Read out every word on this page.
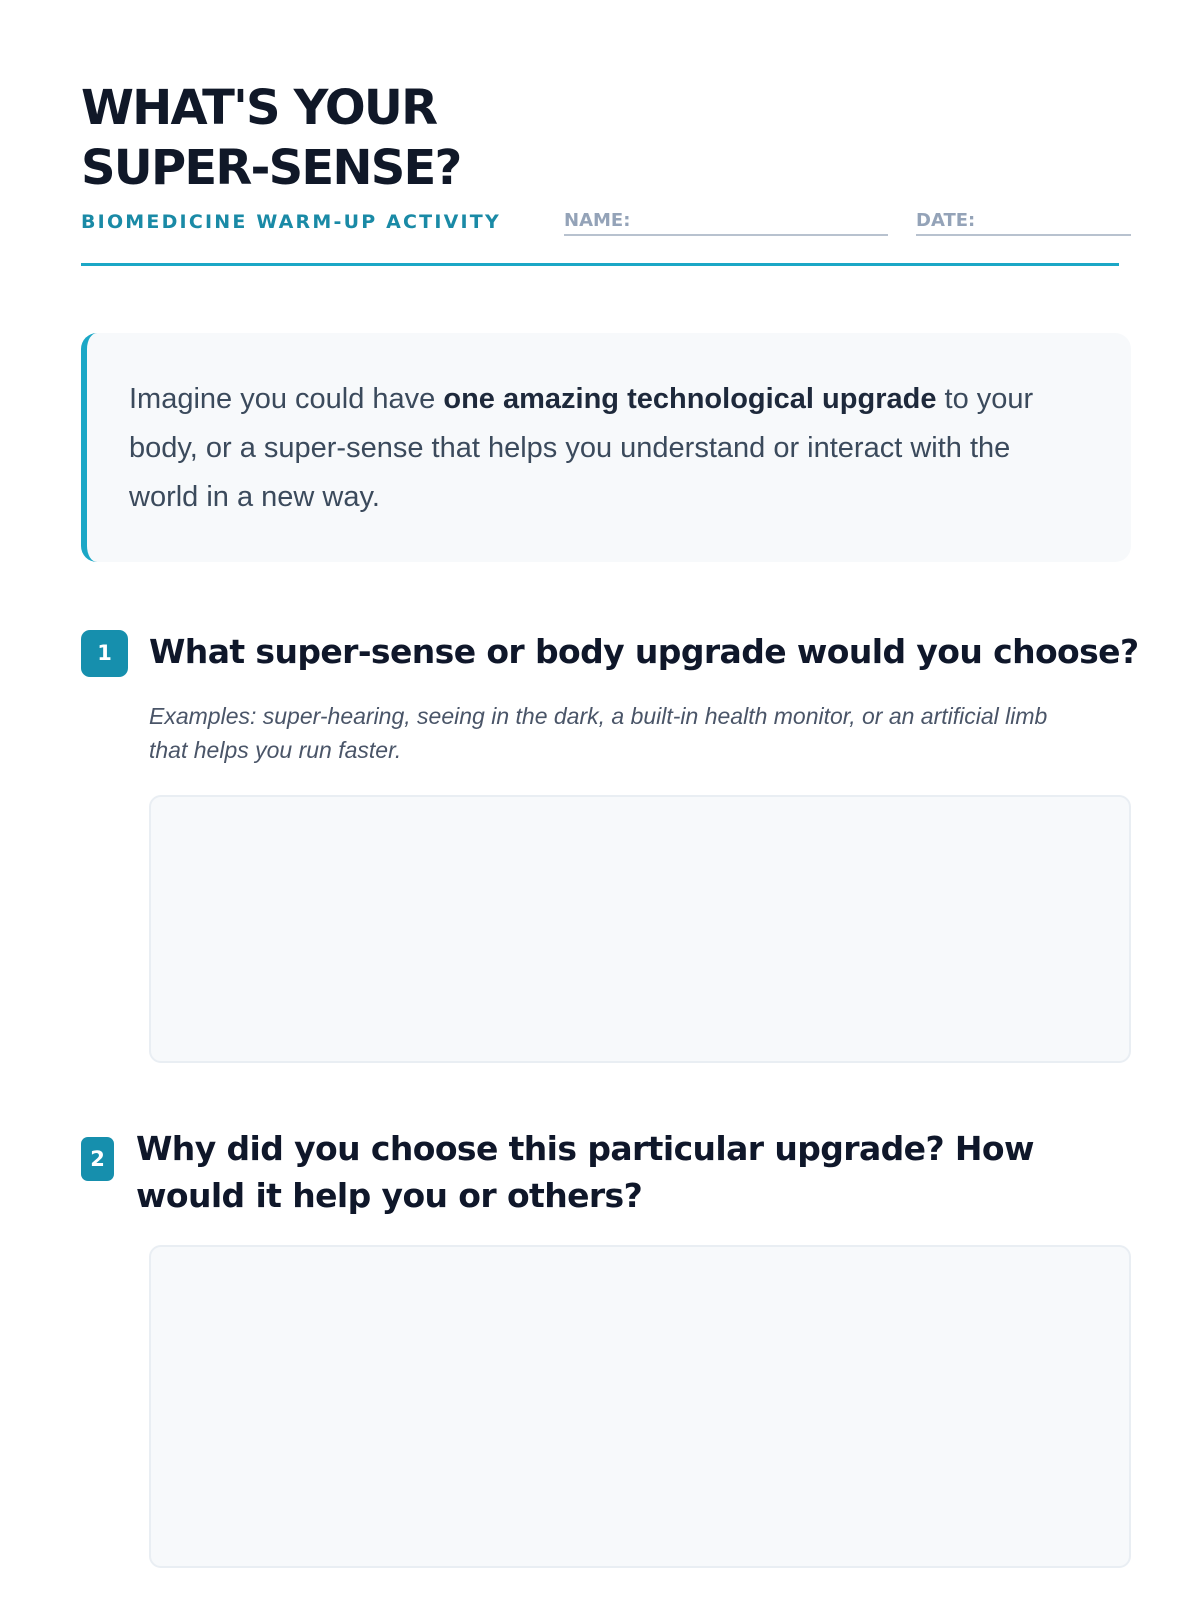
WHAT'S YOUR SUPER-SENSE?
BIOMEDICINE WARM-UP ACTIVITY	NAME:	DATE:
Imagine you could have one amazing technological upgrade to your body, or a super-sense that helps you understand or interact with the world in a new way.
1	What super-sense or body upgrade would you choose?
Examples: super-hearing, seeing in the dark, a built-in health monitor, or an artificial limb that helps you run faster.
2 Why did you choose this particular upgrade? How would it help you or others?
